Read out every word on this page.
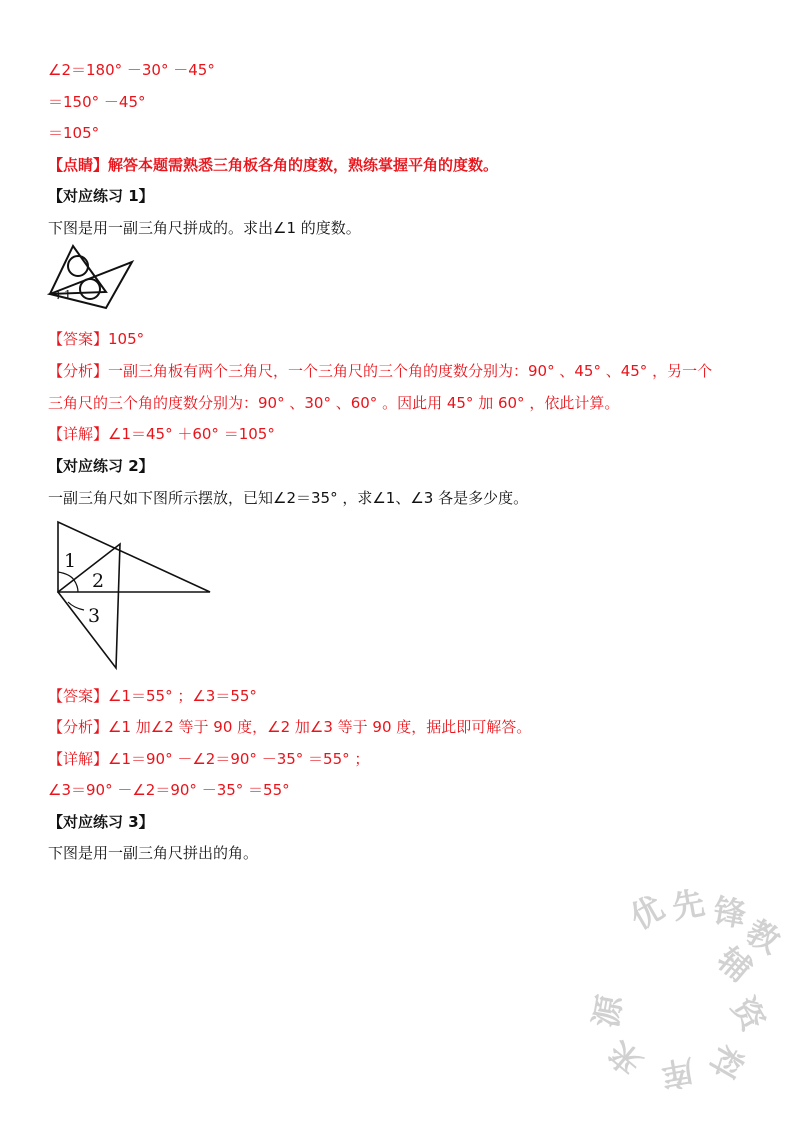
∠2＝180° －30° －45°
＝150° －45°
＝105°
【点睛】解答本题需熟悉三角板各角的度数，熟练掌握平角的度数。
【对应练习 1】
下图是用一副三角尺拼成的。求出∠1 的度数。
1
【答案】105°
【分析】一副三角板有两个三角尺，一个三角尺的三个角的度数分别为：90° 、45° 、45° ，另一个
三角尺的三个角的度数分别为：90° 、30° 、60° 。因此用 45° 加 60° ，依此计算。
【详解】∠1＝45° ＋60° ＝105°
【对应练习 2】
一副三角尺如下图所示摆放，已知∠2＝35° ，求∠1、∠3 各是多少度。
1
2
3
【答案】∠1＝55° ；∠3＝55°
【分析】∠1 加∠2 等于 90 度，∠2 加∠3 等于 90 度，据此即可解答。
【详解】∠1＝90° －∠2＝90° －35° ＝55° ；
∠3＝90° －∠2＝90° －35° ＝55°
【对应练习 3】
下图是用一副三角尺拼出的角。
优
先 锋
教
辅
资
料
库
来
源
